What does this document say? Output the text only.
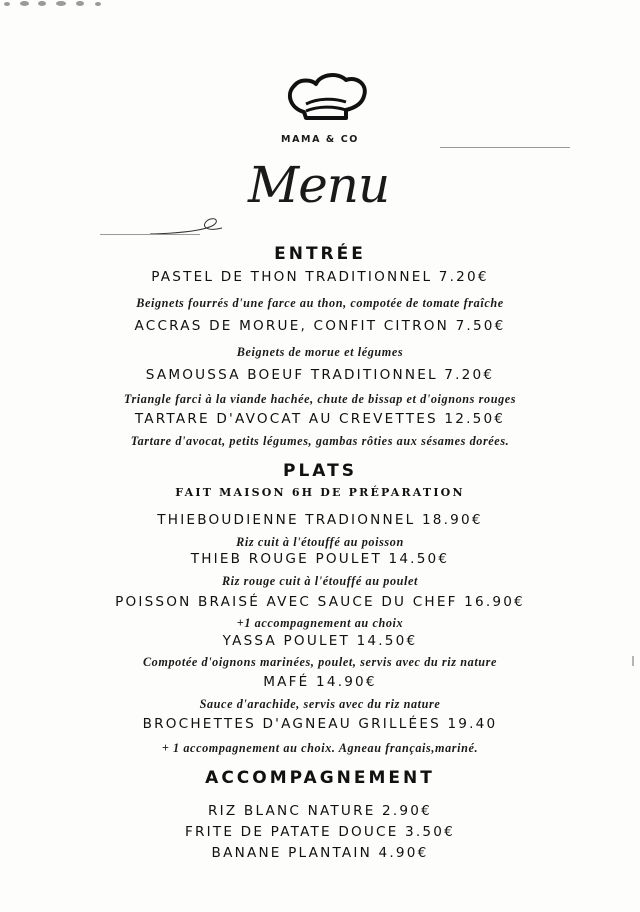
MAMA & CO
Menu
ENTRÉE
PASTEL DE THON TRADITIONNEL 7.20€
Beignets fourrés d'une farce au thon, compotée de tomate fraîche
ACCRAS DE MORUE, CONFIT CITRON 7.50€
Beignets de morue et légumes
SAMOUSSA BOEUF TRADITIONNEL 7.20€
Triangle farci à la viande hachée, chute de bissap et d'oignons rouges
TARTARE D'AVOCAT AU CREVETTES 12.50€
Tartare d'avocat, petits légumes, gambas rôties aux sésames dorées.
PLATS
FAIT MAISON 6H DE PRÉPARATION
THIEBOUDIENNE TRADIONNEL 18.90€
Riz cuit à l'étouffé au poisson
THIEB ROUGE POULET 14.50€
Riz rouge cuit à l'étouffé au poulet
POISSON BRAISÉ AVEC SAUCE DU CHEF 16.90€
+1 accompagnement au choix
YASSA POULET 14.50€
Compotée d'oignons marinées, poulet, servis avec du riz nature
MAFÉ 14.90€
Sauce d'arachide, servis avec du riz nature
BROCHETTES D'AGNEAU GRILLÉES 19.40
+ 1 accompagnement au choix. Agneau français,mariné.
ACCOMPAGNEMENT
RIZ BLANC NATURE 2.90€
FRITE DE PATATE DOUCE 3.50€
BANANE PLANTAIN 4.90€
